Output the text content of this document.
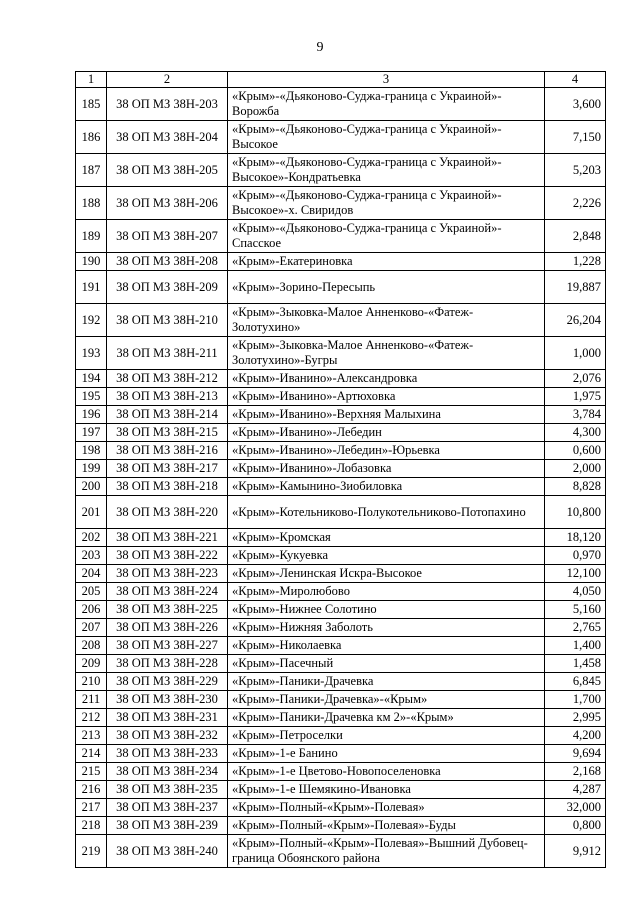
9
1	2	3	4
185	38 ОП МЗ 38Н-203	«Крым»-«Дьяконово-Суджа-граница с Украиной»-Ворожба	3,600
186	38 ОП МЗ 38Н-204	«Крым»-«Дьяконово-Суджа-граница с Украиной»-Высокое	7,150
187	38 ОП МЗ 38Н-205	«Крым»-«Дьяконово-Суджа-граница с Украиной»-Высокое»-Кондратьевка	5,203
188	38 ОП МЗ 38Н-206	«Крым»-«Дьяконово-Суджа-граница с Украиной»-Высокое»-х. Свиридов	2,226
189	38 ОП МЗ 38Н-207	«Крым»-«Дьяконово-Суджа-граница с Украиной»-Спасское	2,848
190	38 ОП МЗ 38Н-208	«Крым»-Екатериновка	1,228
191	38 ОП МЗ 38Н-209	«Крым»-Зорино-Пересыпь	19,887
192	38 ОП МЗ 38Н-210	«Крым»-Зыковка-Малое Анненково-«Фатеж-Золотухино»	26,204
193	38 ОП МЗ 38Н-211	«Крым»-Зыковка-Малое Анненково-«Фатеж-Золотухино»-Бугры	1,000
194	38 ОП МЗ 38Н-212	«Крым»-Иванино»-Александровка	2,076
195	38 ОП МЗ 38Н-213	«Крым»-Иванино»-Артюховка	1,975
196	38 ОП МЗ 38Н-214	«Крым»-Иванино»-Верхняя Малыхина	3,784
197	38 ОП МЗ 38Н-215	«Крым»-Иванино»-Лебедин	4,300
198	38 ОП МЗ 38Н-216	«Крым»-Иванино»-Лебедин»-Юрьевка	0,600
199	38 ОП МЗ 38Н-217	«Крым»-Иванино»-Лобазовка	2,000
200	38 ОП МЗ 38Н-218	«Крым»-Камынино-Зиобиловка	8,828
201	38 ОП МЗ 38Н-220	«Крым»-Котельниково-Полукотельниково-Потопахино	10,800
202	38 ОП МЗ 38Н-221	«Крым»-Кромская	18,120
203	38 ОП МЗ 38Н-222	«Крым»-Кукуевка	0,970
204	38 ОП МЗ 38Н-223	«Крым»-Ленинская Искра-Высокое	12,100
205	38 ОП МЗ 38Н-224	«Крым»-Миролюбово	4,050
206	38 ОП МЗ 38Н-225	«Крым»-Нижнее Солотино	5,160
207	38 ОП МЗ 38Н-226	«Крым»-Нижняя Заболоть	2,765
208	38 ОП МЗ 38Н-227	«Крым»-Николаевка	1,400
209	38 ОП МЗ 38Н-228	«Крым»-Пасечный	1,458
210	38 ОП МЗ 38Н-229	«Крым»-Паники-Драчевка	6,845
211	38 ОП МЗ 38Н-230	«Крым»-Паники-Драчевка»-«Крым»	1,700
212	38 ОП МЗ 38Н-231	«Крым»-Паники-Драчевка км 2»-«Крым»	2,995
213	38 ОП МЗ 38Н-232	«Крым»-Петроселки	4,200
214	38 ОП МЗ 38Н-233	«Крым»-1-е Банино	9,694
215	38 ОП МЗ 38Н-234	«Крым»-1-е Цветово-Новопоселеновка	2,168
216	38 ОП МЗ 38Н-235	«Крым»-1-е Шемякино-Ивановка	4,287
217	38 ОП МЗ 38Н-237	«Крым»-Полный-«Крым»-Полевая»	32,000
218	38 ОП МЗ 38Н-239	«Крым»-Полный-«Крым»-Полевая»-Буды	0,800
219	38 ОП МЗ 38Н-240	«Крым»-Полный-«Крым»-Полевая»-Вышний Дубовец-граница Обоянского района	9,912
